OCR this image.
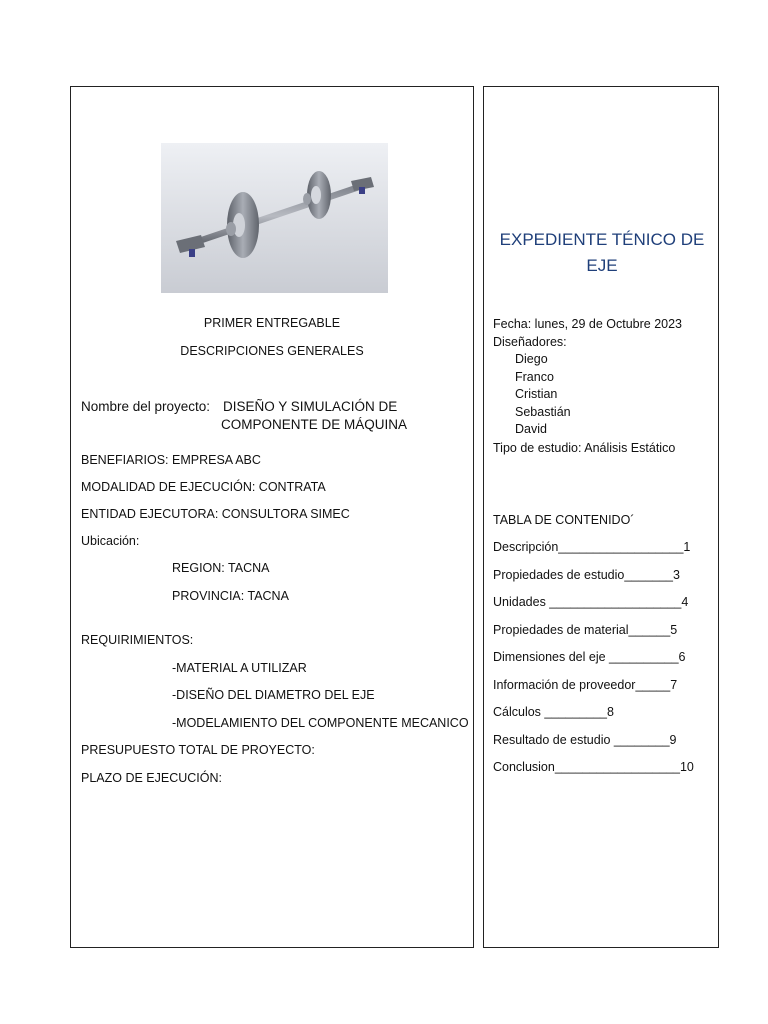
PRIMER ENTREGABLE
DESCRIPCIONES GENERALES
Nombre del proyecto: DISEÑO Y SIMULACIÓN DE
COMPONENTE DE MÁQUINA
BENEFIARIOS: EMPRESA ABC
MODALIDAD DE EJECUCIÓN: CONTRATA
ENTIDAD EJECUTORA: CONSULTORA SIMEC
Ubicación:
REGION: TACNA
PROVINCIA: TACNA
REQUIRIMIENTOS:
-MATERIAL A UTILIZAR
-DISEÑO DEL DIAMETRO DEL EJE
-MODELAMIENTO DEL COMPONENTE MECANICO
PRESUPUESTO TOTAL DE PROYECTO:
PLAZO DE EJECUCIÓN:
EXPEDIENTE TÉNICO DE EJE
Fecha: lunes, 29 de Octubre 2023
Diseñadores:
Diego
Franco
Cristian
Sebastián
David
Tipo de estudio: Análisis Estático
TABLA DE CONTENIDO´
Descripción__________________1
Propiedades de estudio_______3
Unidades ___________________4
Propiedades de material______5
Dimensiones del eje __________6
Información de proveedor_____7
Cálculos _________8
Resultado de estudio ________9
Conclusion__________________10
